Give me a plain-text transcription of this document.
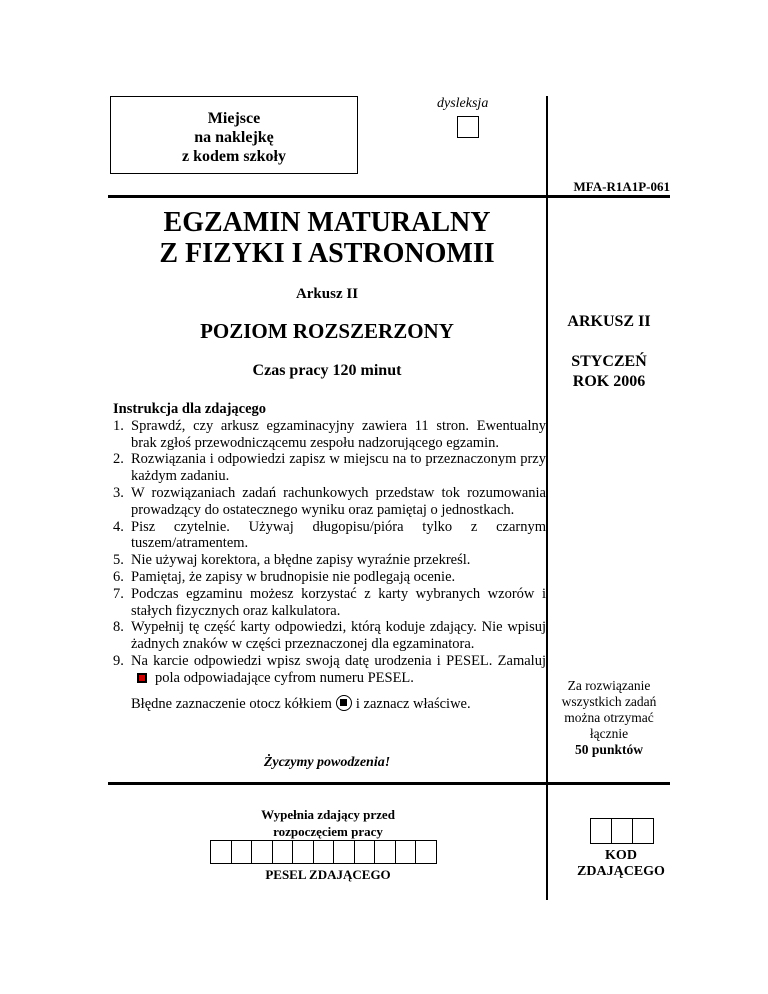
Miejsce
na naklejkę
z kodem szkoły
dysleksja
MFA-R1A1P-061
EGZAMIN MATURALNY
Z FIZYKI I ASTRONOMII
Arkusz II
POZIOM ROZSZERZONY
Czas pracy 120 minut
Instrukcja dla zdającego
1. Sprawdź, czy arkusz egzaminacyjny zawiera 11 stron. Ewentualny brak zgłoś przewodniczącemu zespołu nadzorującego egzamin.
2. Rozwiązania i odpowiedzi zapisz w miejscu na to przeznaczonym przy każdym zadaniu.
3. W rozwiązaniach zadań rachunkowych przedstaw tok rozumowania prowadzący do ostatecznego wyniku oraz pamiętaj o jednostkach.
4. Pisz czytelnie. Używaj długopisu/pióra tylko z czarnym tuszem/atramentem.
5. Nie używaj korektora, a błędne zapisy wyraźnie przekreśl.
6. Pamiętaj, że zapisy w brudnopisie nie podlegają ocenie.
7. Podczas egzaminu możesz korzystać z karty wybranych wzorów i stałych fizycznych oraz kalkulatora.
8. Wypełnij tę część karty odpowiedzi, którą koduje zdający. Nie wpisuj żadnych znaków w części przeznaczonej dla egzaminatora.
9. Na karcie odpowiedzi wpisz swoją datę urodzenia i PESEL. Zamalujpola odpowiadające cyfrom numeru PESEL.
Błędne zaznaczenie otocz kółkiem i zaznacz właściwe.
Życzymy powodzenia!
ARKUSZ II
STYCZEŃ
ROK 2006
Za rozwiązanie
wszystkich zadań
można otrzymać
łącznie
50 punktów
Wypełnia zdający przed
rozpoczęciem pracy
PESEL ZDAJĄCEGO
KOD
ZDAJĄCEGO
